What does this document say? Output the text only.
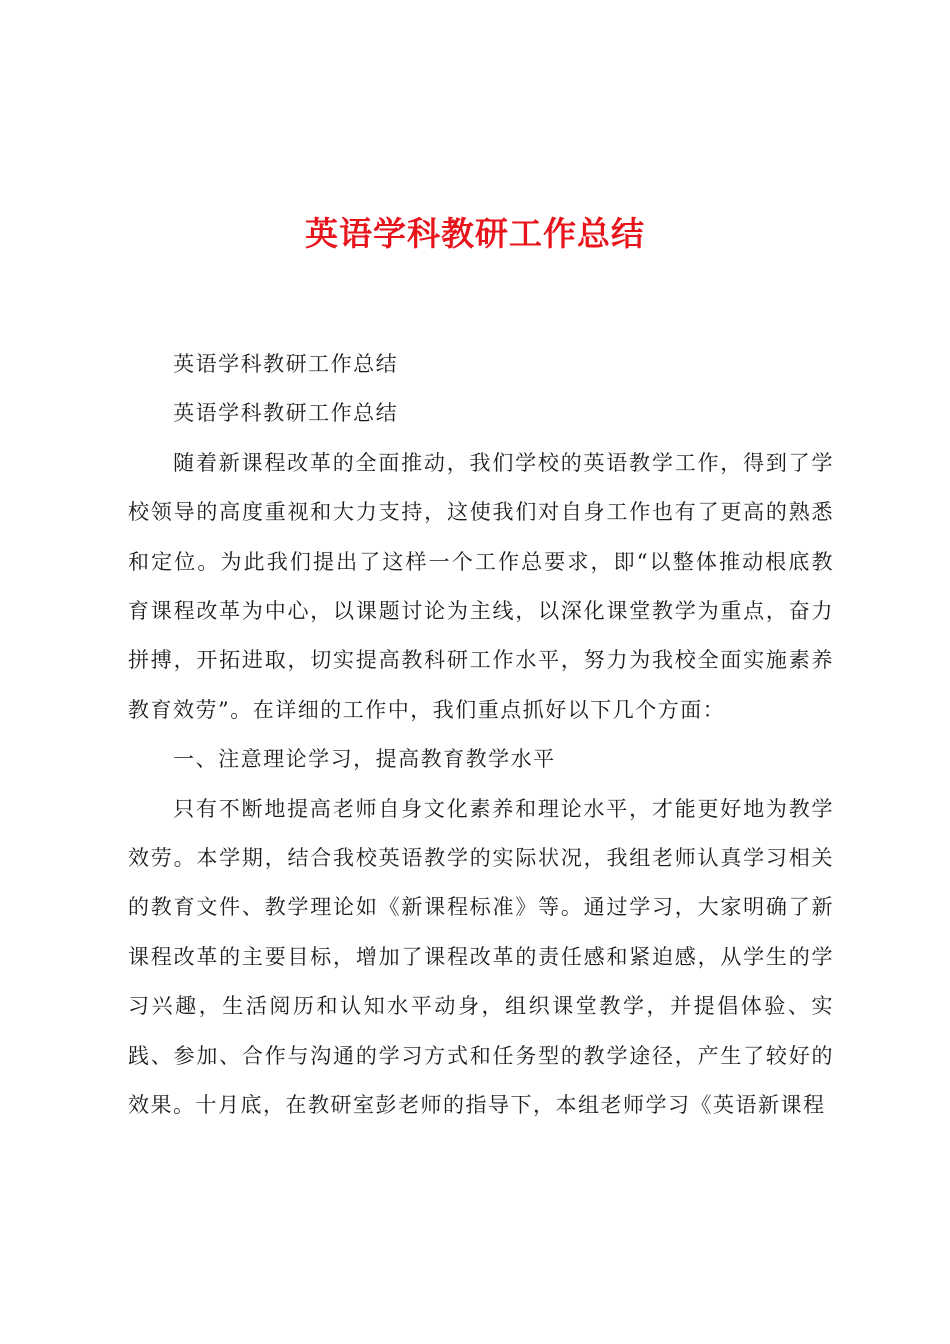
英语学科教研工作总结

英语学科教研工作总结

英语学科教研工作总结

随着新课程改革的全面推动，我们学校的英语教学工作，得到了学校领导的高度重视和大力支持，这使我们对自身工作也有了更高的熟悉和定位。为此我们提出了这样一个工作总要求，即“以整体推动根底教育课程改革为中心，以课题讨论为主线，以深化课堂教学为重点，奋力拼搏，开拓进取，切实提高教科研工作水平，努力为我校全面实施素养教育效劳”。在详细的工作中，我们重点抓好以下几个方面：

一、注意理论学习，提高教育教学水平

只有不断地提高老师自身文化素养和理论水平，才能更好地为教学效劳。本学期，结合我校英语教学的实际状况，我组老师认真学习相关的教育文件、教学理论如《新课程标准》等。通过学习，大家明确了新课程改革的主要目标，增加了课程改革的责任感和紧迫感，从学生的学习兴趣，生活阅历和认知水平动身，组织课堂教学，并提倡体验、实践、参加、合作与沟通的学习方式和任务型的教学途径，产生了较好的效果。十月底，在教研室彭老师的指导下，本组老师学习《英语新课程
